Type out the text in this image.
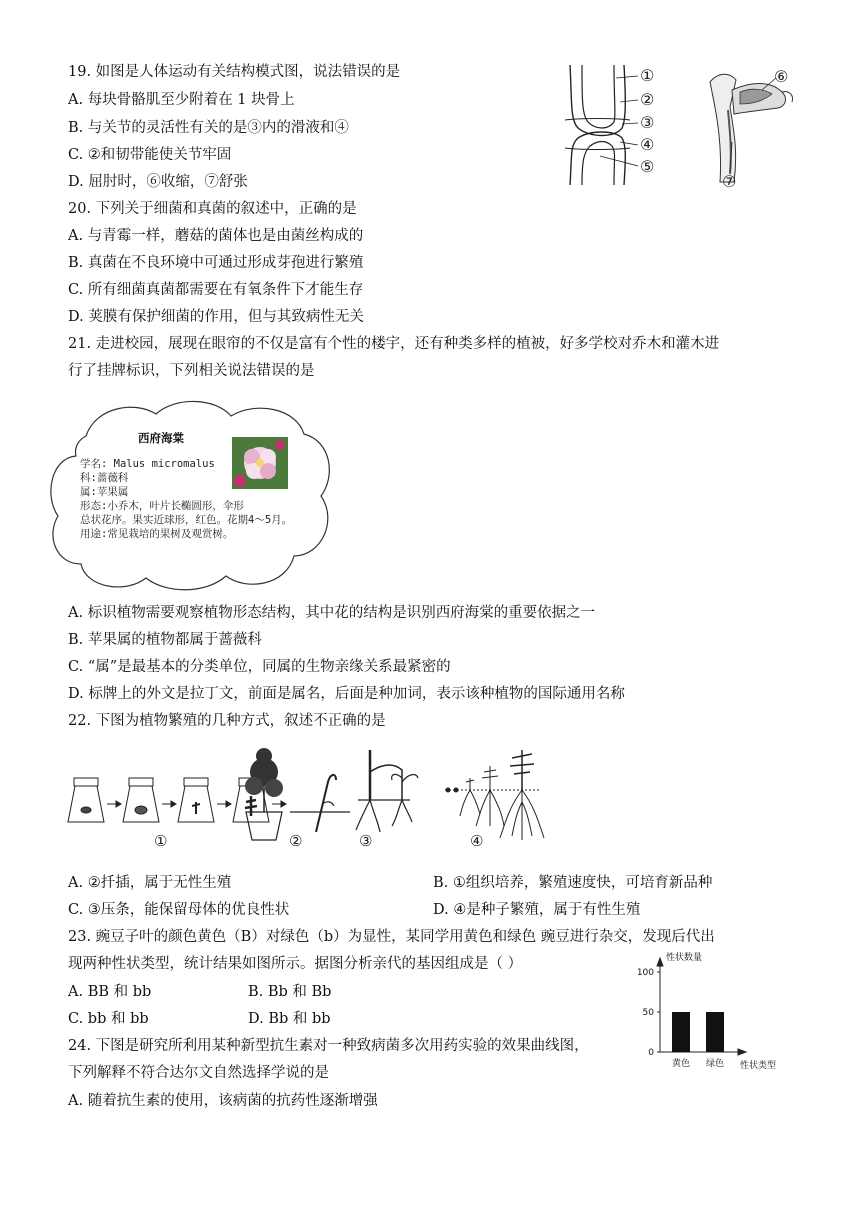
19. 如图是人体运动有关结构模式图，说法错误的是
A. 每块骨骼肌至少附着在 1 块骨上
B. 与关节的灵活性有关的是③内的滑液和④
C. ②和韧带能使关节牢固
D. 屈肘时，⑥收缩，⑦舒张
①
②
③
④
⑤
⑥
⑦
20. 下列关于细菌和真菌的叙述中，正确的是
A. 与青霉一样，蘑菇的菌体也是由菌丝构成的
B. 真菌在不良环境中可通过形成芽孢进行繁殖
C. 所有细菌真菌都需要在有氧条件下才能生存
D. 荚膜有保护细菌的作用，但与其致病性无关
21. 走进校园，展现在眼帘的不仅是富有个性的楼宇，还有种类多样的植被，好多学校对乔木和灌木进
行了挂牌标识，下列相关说法错误的是
西府海棠
学名: Malus micromalus
科:蔷薇科
属:苹果属
形态:小乔木，叶片长椭圆形，伞形
总状花序。果实近球形，红色。花期4～5月。
用途:常见栽培的果树及观赏树。
A. 标识植物需要观察植物形态结构，其中花的结构是识别西府海棠的重要依据之一
B. 苹果属的植物都属于蔷薇科
C. “属”是最基本的分类单位，同属的生物亲缘关系最紧密的
D. 标牌上的外文是拉丁文，前面是属名，后面是种加词，表示该种植物的国际通用名称
22. 下图为植物繁殖的几种方式，叙述不正确的是
①	②	③	④
A. ②扦插，属于无性生殖	B. ①组织培养，繁殖速度快，可培育新品种
C. ③压条，能保留母体的优良性状	D. ④是种子繁殖，属于有性生殖
23. 豌豆子叶的颜色黄色（B）对绿色（b）为显性，某同学用黄色和绿色 豌豆进行杂交，发现后代出
现两种性状类型，统计结果如图所示。据图分析亲代的基因组成是（ ）
A. BB 和 bb	B. Bb 和 Bb
C. bb 和 bb	D. Bb 和 bb
性状数量
性状类型
0
50
100
黄色 绿色
24. 下图是研究所利用某种新型抗生素对一种致病菌多次用药实验的效果曲线图，
下列解释不符合达尔文自然选择学说的是
A. 随着抗生素的使用，该病菌的抗药性逐渐增强
